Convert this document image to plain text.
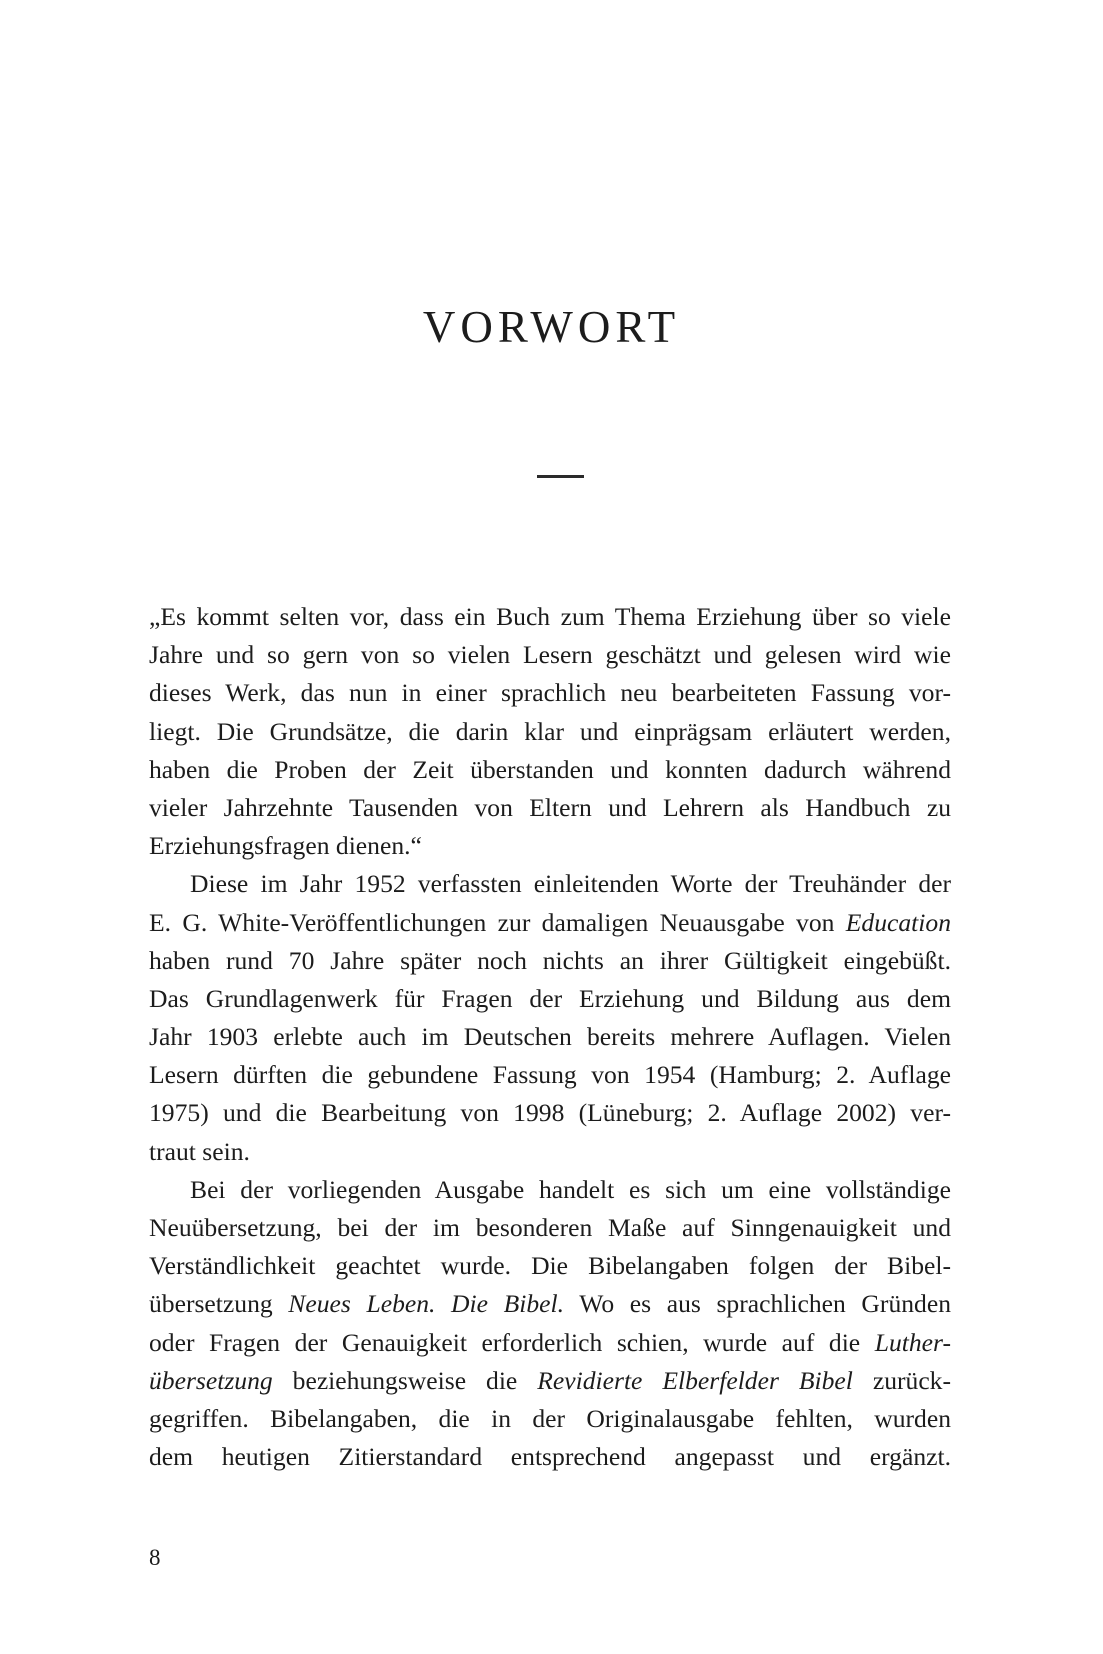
VORWORT
„Es kommt selten vor, dass ein Buch zum Thema Erziehung über so viele
Jahre und so gern von so vielen Lesern geschätzt und gelesen wird wie
dieses Werk, das nun in einer sprachlich neu bearbeiteten Fassung vor-
liegt. Die Grundsätze, die darin klar und einprägsam erläutert werden,
haben die Proben der Zeit überstanden und konnten dadurch während
vieler Jahrzehnte Tausenden von Eltern und Lehrern als Handbuch zu
Erziehungsfragen dienen.“
Diese im Jahr 1952 verfassten einleitenden Worte der Treuhänder der
E. G. White-Veröffentlichungen zur damaligen Neuausgabe von Education
haben rund 70 Jahre später noch nichts an ihrer Gültigkeit eingebüßt.
Das Grundlagenwerk für Fragen der Erziehung und Bildung aus dem
Jahr 1903 erlebte auch im Deutschen bereits mehrere Auflagen. Vielen
Lesern dürften die gebundene Fassung von 1954 (Hamburg; 2. Auflage
1975) und die Bearbeitung von 1998 (Lüneburg; 2. Auflage 2002) ver-
traut sein.
Bei der vorliegenden Ausgabe handelt es sich um eine vollständige
Neuübersetzung, bei der im besonderen Maße auf Sinngenauigkeit und
Verständlichkeit geachtet wurde. Die Bibelangaben folgen der Bibel-
übersetzung Neues Leben. Die Bibel. Wo es aus sprachlichen Gründen
oder Fragen der Genauigkeit erforderlich schien, wurde auf die Luther-
übersetzung beziehungsweise die Revidierte Elberfelder Bibel zurück-
gegriffen. Bibelangaben, die in der Originalausgabe fehlten, wurden
dem heutigen Zitierstandard entsprechend angepasst und ergänzt.
8
